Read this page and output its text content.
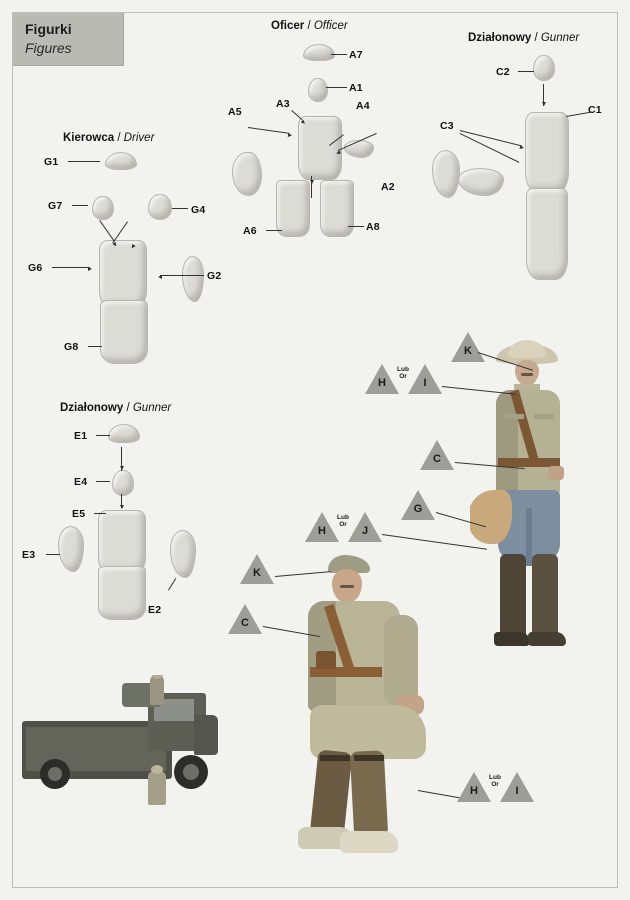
Figurki
Figures
Oficer / Officer
Działonowy / Gunner
Kierowca / Driver
Działonowy / Gunner
A7
A1
A5
A3	A4
A2
A6	A8
C2
C1
C3
G1
G7	G4
G6
G2
G8
E1
E4
E5
E3
E2
K
H
Lub
Or
I
C
G
H
Lub
Or
J
K
C
H
Lub
Or
I
